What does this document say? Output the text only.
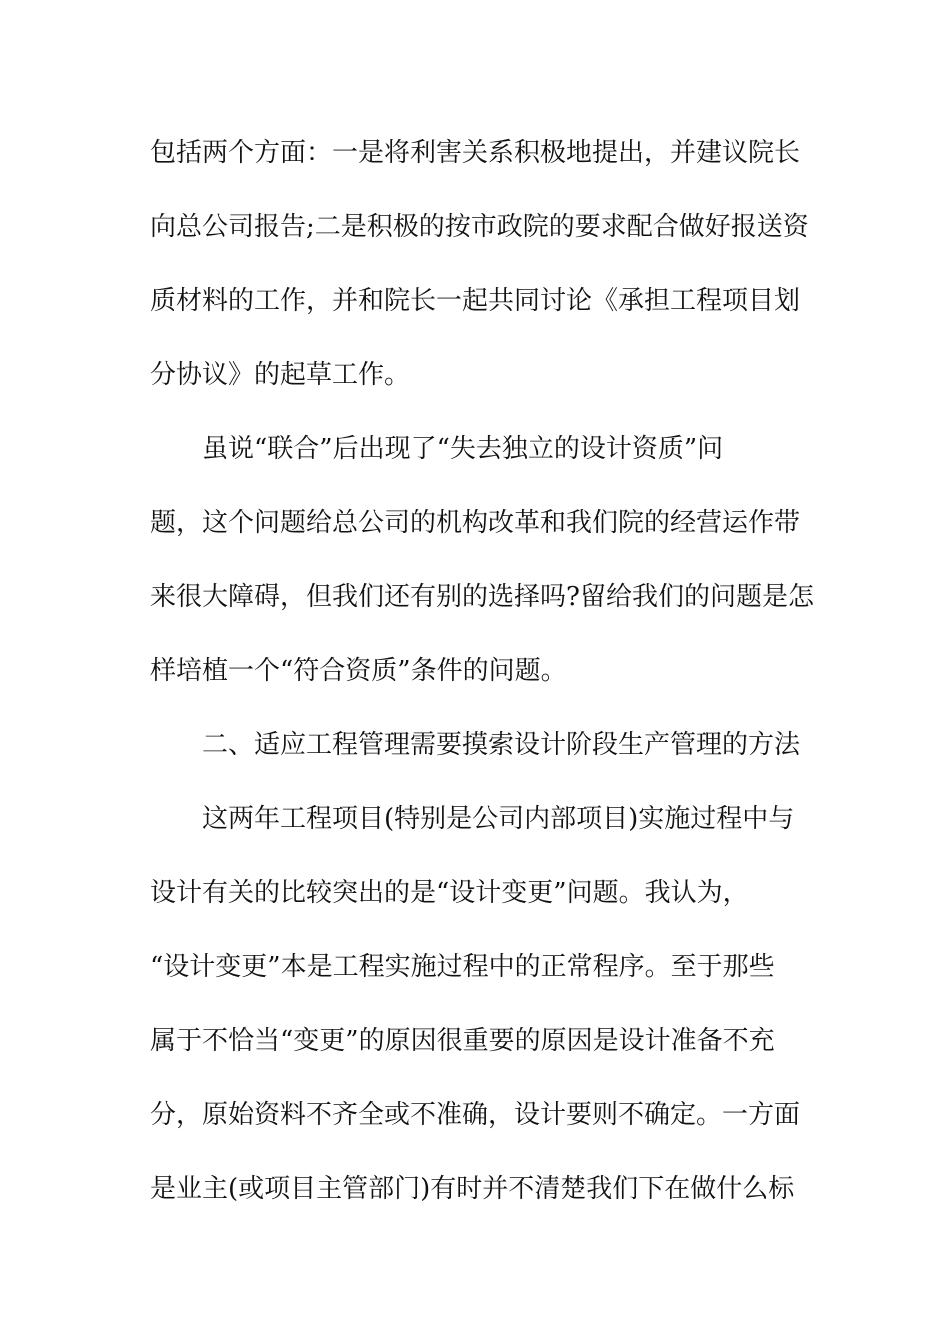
包括两个方面：一是将利害关系积极地提出，并建议院长
向总公司报告;二是积极的按市政院的要求配合做好报送资
质材料的工作，并和院长一起共同讨论《承担工程项目划
分协议》的起草工作。
虽说“联合”后出现了“失去独立的设计资质”问
题，这个问题给总公司的机构改革和我们院的经营运作带
来很大障碍，但我们还有别的选择吗?留给我们的问题是怎
样培植一个“符合资质”条件的问题。
二、适应工程管理需要摸索设计阶段生产管理的方法
这两年工程项目(特别是公司内部项目)实施过程中与
设计有关的比较突出的是“设计变更”问题。我认为，
“设计变更”本是工程实施过程中的正常程序。至于那些
属于不恰当“变更”的原因很重要的原因是设计准备不充
分，原始资料不齐全或不准确，设计要则不确定。一方面
是业主(或项目主管部门)有时并不清楚我们下在做什么标
